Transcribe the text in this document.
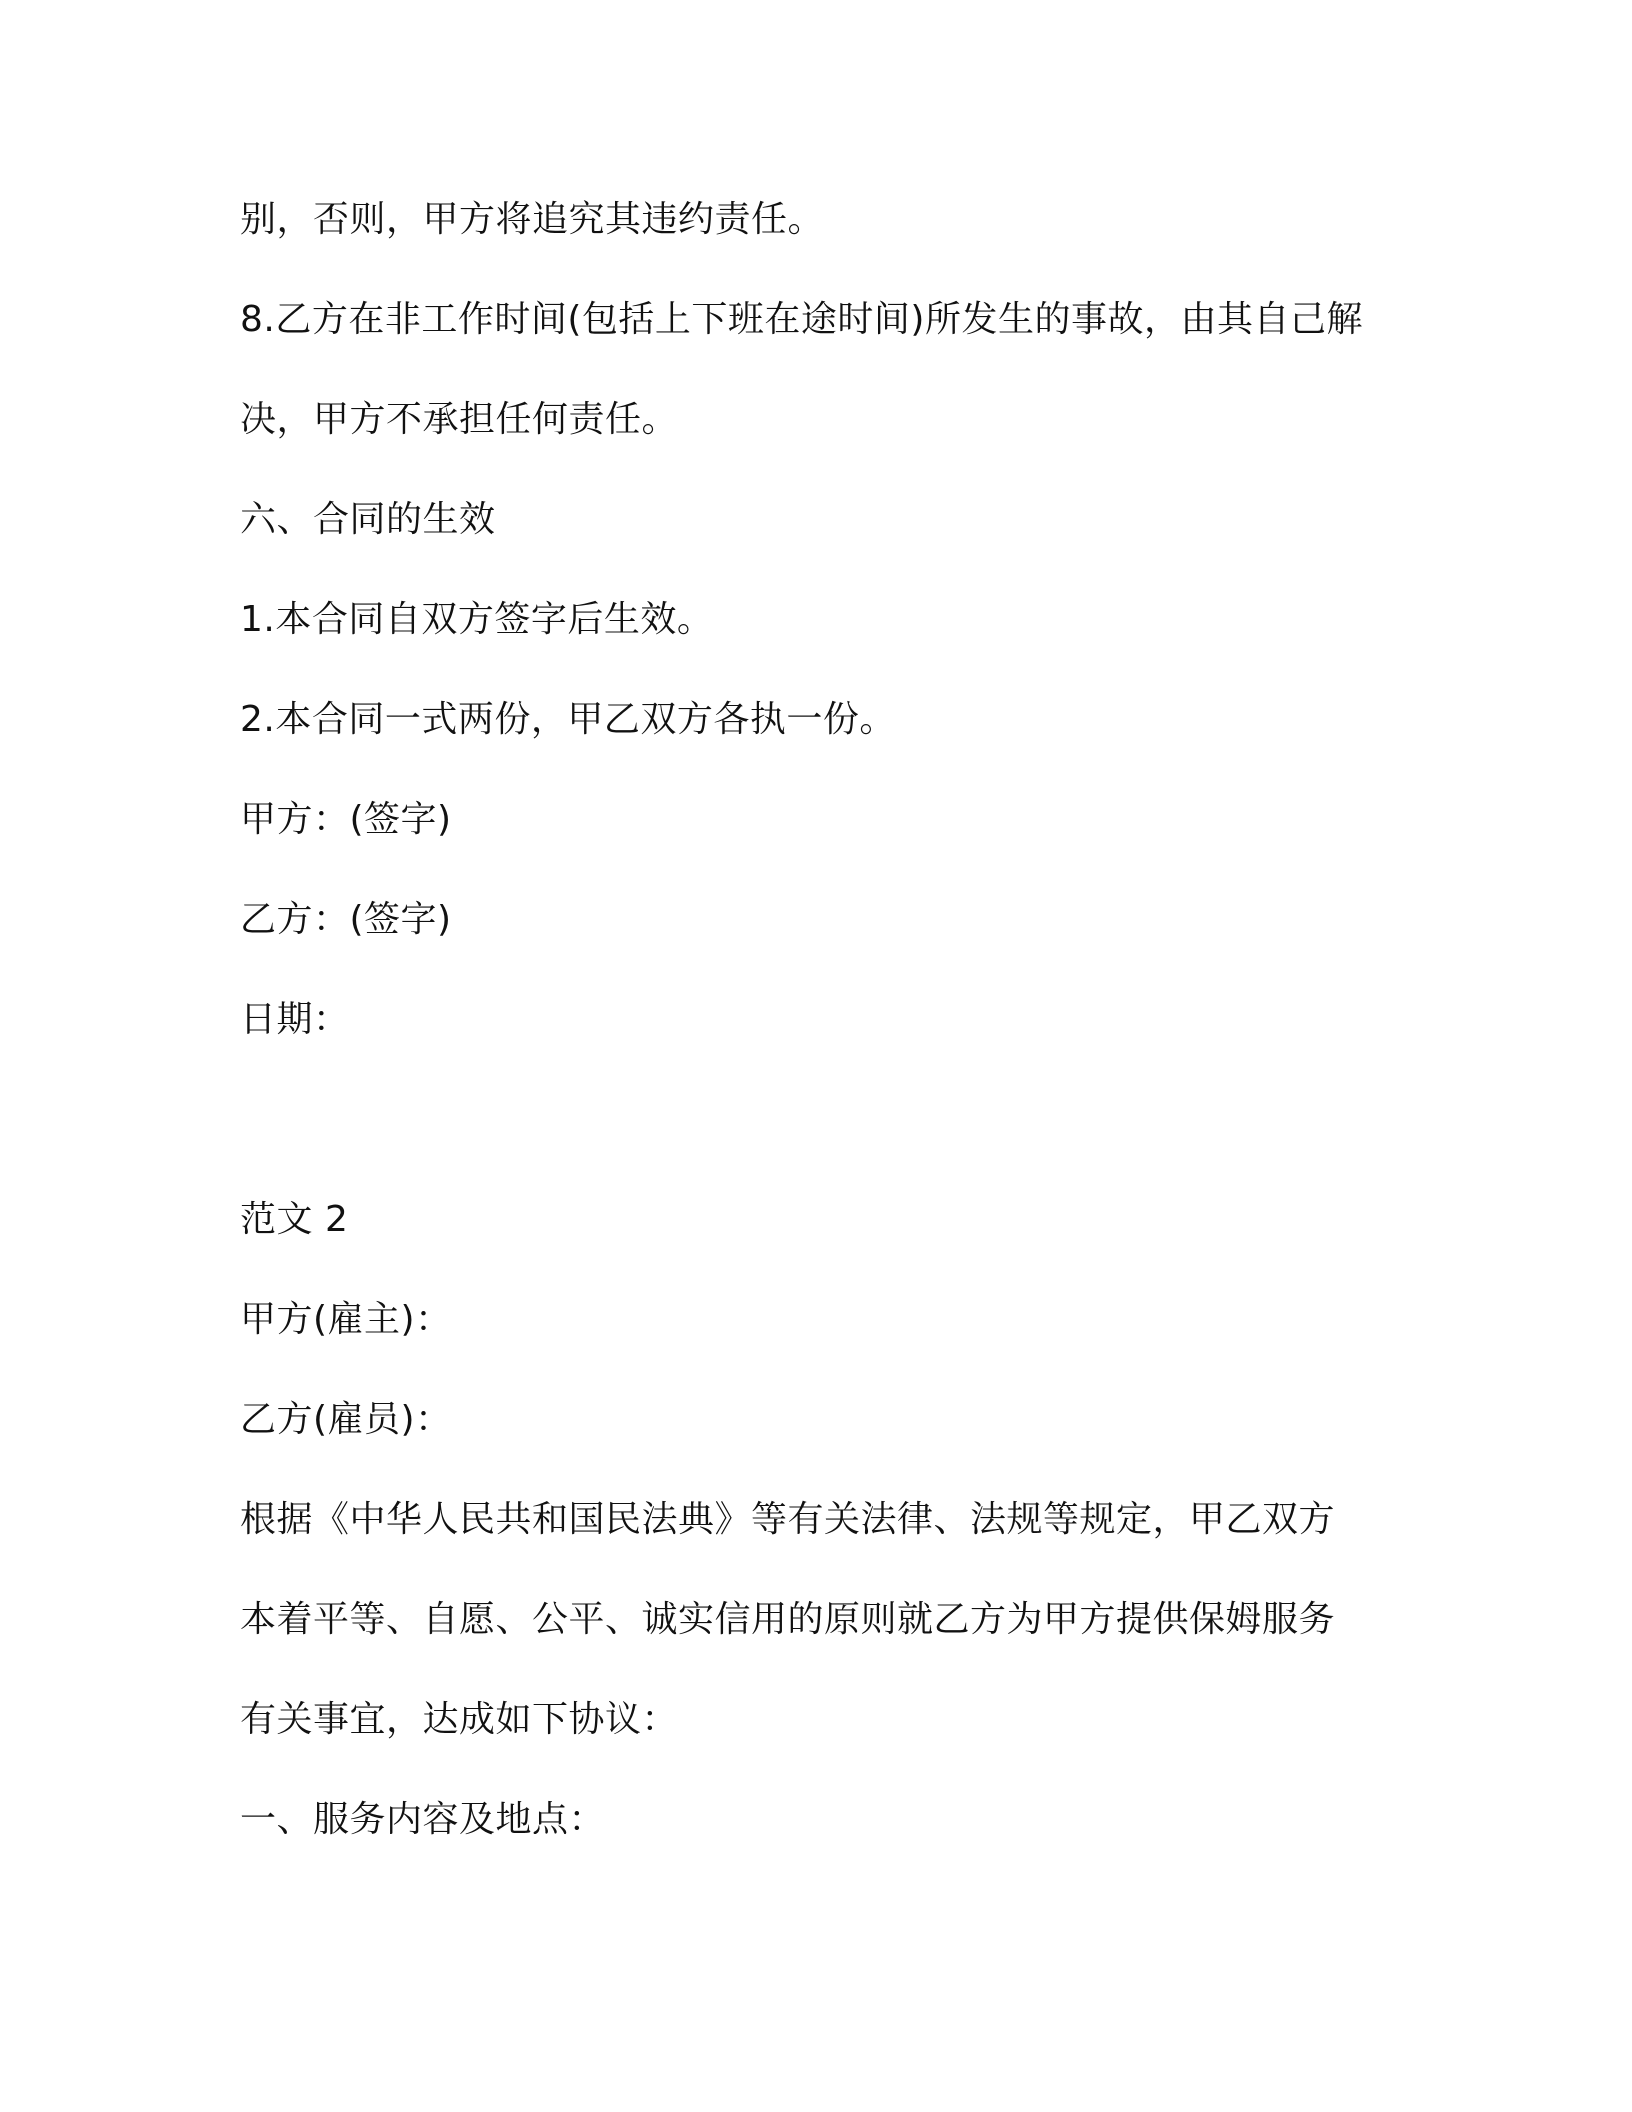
别，否则，甲方将追究其违约责任。
8.乙方在非工作时间(包括上下班在途时间)所发生的事故，由其自己解
决，甲方不承担任何责任。
六、合同的生效
1.本合同自双方签字后生效。
2.本合同一式两份，甲乙双方各执一份。
甲方：(签字)
乙方：(签字)
日期：
范文 2
甲方(雇主)：
乙方(雇员)：
根据《中华人民共和国民法典》等有关法律、法规等规定，甲乙双方
本着平等、自愿、公平、诚实信用的原则就乙方为甲方提供保姆服务
有关事宜，达成如下协议：
一、服务内容及地点：
